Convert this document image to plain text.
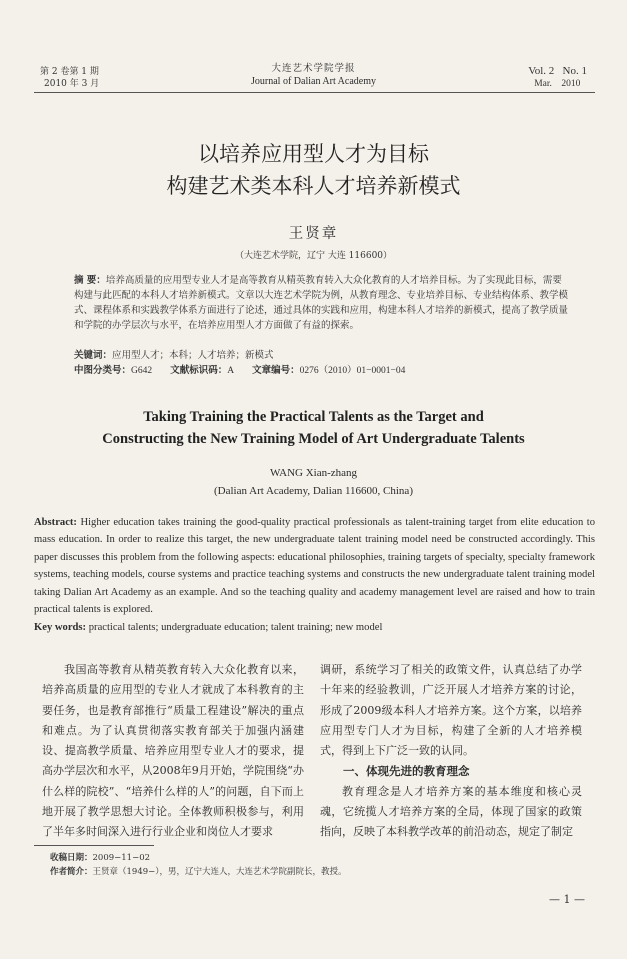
第 2 卷第 1 期
2010 年 3 月
大连艺术学院学报
Journal of Dalian Art Academy
Vol. 2   No. 1
Mar.    2010
以培养应用型人才为目标
构建艺术类本科人才培养新模式
王贤章
（大连艺术学院，辽宁 大连 116600）
摘 要：培养高质量的应用型专业人才是高等教育从精英教育转入大众化教育的人才培养目标。为了实现此目标，需要构建与此匹配的本科人才培养新模式。文章以大连艺术学院为例，从教育理念、专业培养目标、专业结构体系、教学模式、课程体系和实践教学体系方面进行了论述，通过具体的实践和应用，构建本科人才培养的新模式，提高了教学质量和学院的办学层次与水平，在培养应用型人才方面做了有益的探索。
关键词：应用型人才；本科；人才培养；新模式
中图分类号：G642 文献标识码：A 文章编号：0276（2010）01−0001−04
Taking Training the Practical Talents as the Target and
Constructing the New Training Model of Art Undergraduate Talents
WANG Xian-zhang
(Dalian Art Academy, Dalian 116600, China)
Abstract: Higher education takes training the good-quality practical professionals as talent-training target from elite education to mass education. In order to realize this target, the new undergraduate talent training model need be constructed accordingly. This paper discusses this problem from the following aspects: educational philosophies, training targets of specialty, specialty framework systems, teaching models, course systems and practice teaching systems and constructs the new undergraduate talent training model taking Dalian Art Academy as an example. And so the teaching quality and academy management level are raised and how to train practical talents is explored.
Key words: practical talents; undergraduate education; talent training; new model

我国高等教育从精英教育转入大众化教育以来，培养高质量的应用型的专业人才就成了本科教育的主要任务，也是教育部推行“质量工程建设”解决的重点和难点。为了认真贯彻落实教育部关于加强内涵建设、提高教学质量、培养应用型专业人才的要求，提高办学层次和水平，从2008年9月开始，学院围绕“办什么样的院校”、“培养什么样的人”的问题，自下而上地开展了教学思想大讨论。全体教师积极参与，利用了半年多时间深入进行行业企业和岗位人才要求

调研，系统学习了相关的政策文件，认真总结了办学十年来的经验教训，广泛开展人才培养方案的讨论，形成了2009级本科人才培养方案。这个方案，以培养应用型专门人才为目标，构建了全新的人才培养模式，得到上下广泛一致的认同。

一、体现先进的教育理念

教育理念是人才培养方案的基本维度和核心灵魂，它统揽人才培养方案的全局，体现了国家的政策指向，反映了本科教学改革的前沿动态，规定了制定

收稿日期：2009−11−02
作者简介：王贤章（1949−），男，辽宁大连人，大连艺术学院副院长，教授。
— 1 —
